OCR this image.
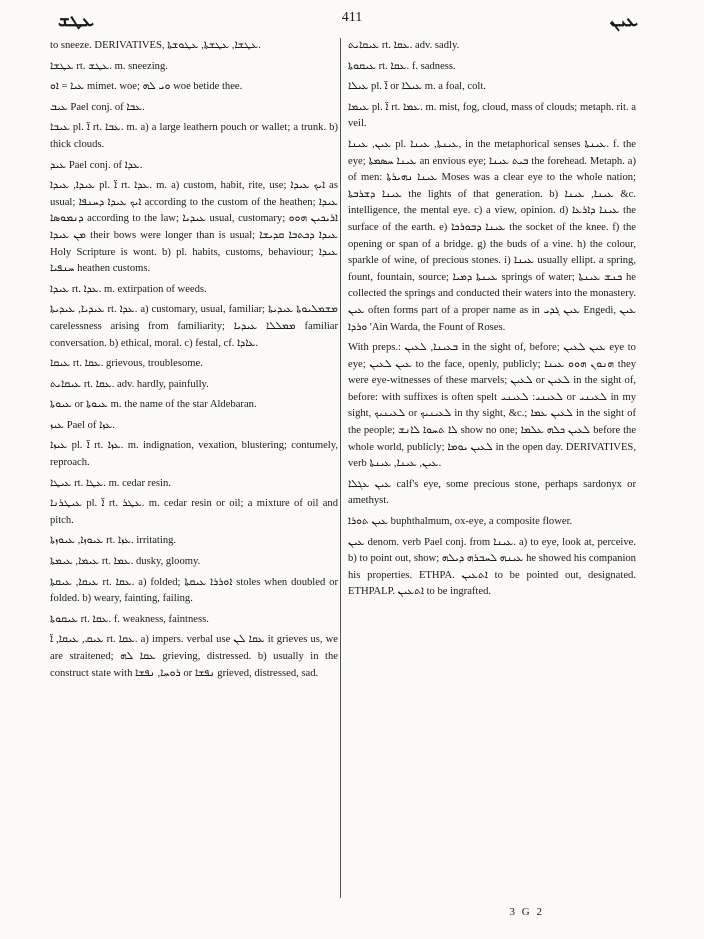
ܥܛܫ	411	ܥܝܢ

to sneeze. DERIVATIVES, ܥܛܫܐ, ܥܛܫܬܐ, ܥܛܘܫܬܐ.

ܥܛܫܐ rt. ܥܛܫ. m. sneezing.

ܥܝܐ = ܐܘ mimet. woe; ܘܝ ܠܗ woe betide thee.

ܥܝܒ Pael conj. of ܥܒܐ.

ܥܝܒܐ pl. ܐ̈ rt. ܥܒܐ. m. a) a large leathern pouch or wallet; a trunk. b) thick clouds.

ܥܝܕ Pael conj. of ܥܕܐ.

ܥܝܕܐ, ܥܝܕܐ pl. ܐ̈ rt. ܥܕܐ. m. a) custom, habit, rite, use; ܐܝܟ ܥܝܕܐ as usual; ܐܝܟ ܥܝܕܐ ܕܚܢܦܐ according to the custom of the heathen; ܥܝܕܐ ܕܢܡܘܣܐ according to the law; ܥܝܕܝܐ usual, customary; ܐܪܝܟܝܢ ܗܘܘ ܡܢ ܥܝܕܐ their bows were longer than is usual; ܥܝܕܐ ܕܟܬܒܐ ܩܕܝܫܐ Holy Scripture is wont. b) pl. habits, customs, behaviour; ܥܝܕܐ ܚܢܦܝܐ heathen customs.

ܥܝܕܐ rt. ܥܕܐ. m. extirpation of weeds.

ܥܝܕܝܐ, ܥܝܕܝܬܐ rt. ܥܕܐ. a) customary, usual, familiar; ܡܫܡܠܝܘܬܐ ܥܝܕܝܬܐ carelessness arising from familiarity; ܡܡܠܠܐ ܥܝܕܝܐ familiar conversation. b) ethical, moral. c) festal, cf. ܥܐܕܐ.

ܥܝܩܐ rt. ܥܩܐ. grievous, troublesome.

ܥܝܩܐܝܬ rt. ܥܩܐ. adv. hardly, painfully.

ܥܝܘܬܐ or ܥܝܘܬܐ m. the name of the star Aldebaran.

ܥܝܙ Pael of ܥܙܐ.

ܥܝܙܐ pl. ܐ̈ rt. ܥܙܐ. m. indignation, vexation, blustering; contumely, reproach.

ܥܝܛܐ rt. ܥܛܐ. m. cedar resin.

ܥܝܛܪܢܐ pl. ܐ̈ rt. ܥܛܪ. m. cedar resin or oil; a mixture of oil and pitch.

ܥܝܘܙܐ, ܥܝܘܙܬܐ rt. ܥܙܐ. irritating.

ܥܝܡܐ, ܥܝܡܬܐ rt. ܥܡܐ. dusky, gloomy.

ܥܝܩܐ, ܥܝܩܬܐ rt. ܥܩܐ. a) folded; ܐܘܪܪܐ ܥܝܩܬܐ stoles when doubled or folded. b) weary, fainting, failing.

ܥܝܩܘܬܐ rt. ܥܩܐ. f. weakness, faintness.

ܥܝܩ, ܥܝܩܐ, ܐ̈ rt. ܥܩܐ. a) impers. verbal use ܥܩܐ ܠܢ it grieves us, we are straitened; ܥܩܐ ܠܗ grieving, distressed. b) usually in the construct state with ܪܘܚܐ, ܢܦܫܐ or ܢܦܫܐ grieved, distressed, sad.

ܥܝܩܐܝܬ rt. ܥܩܐ. adv. sadly.

ܥܝܩܘܬܐ rt. ܥܩܐ. f. sadness.

ܥܝܠܐ pl. ܐ̈ or ܥܝܠܐ m. a foal, colt.

ܥܝܡܐ pl. ܐ̈ rt. ܥܡܐ. m. mist, fog, cloud, mass of clouds; metaph. rit. a veil.

ܥܝܢ, ܥܝܢܐ pl. ܥܝܢܬܐ, ܥܝܢܐ, in the metaphorical senses ܥܝܢܬܐ. f. the eye; ܥܝܢܐ ܚܣܡܬܐ an envious eye; ܒܝܬ ܥܝܢܐ the forehead. Metaph. a) of men: ܥܝܢܐ ܢܗܝܪܬܐ Moses was a clear eye to the whole nation; ܥܝܢܐ ܕܫܪܒܬܐ the lights of that generation. b) ܥܝܢܐ, ܥܝܢܐ &c. intelligence, the mental eye. c) a view, opinion. d) ܥܝܢܐ ܕܐܪܥܐ the surface of the earth. e) ܥܝܢܐ ܕܒܘܪܟܐ the socket of the knee. f) the opening or span of a bridge. g) the buds of a vine. h) the colour, sparkle of wine, of precious stones. i) ܥܝܢܐ usually ellipt. a spring, fount, fountain, source; ܥܝܢܬܐ ܕܡܝܐ springs of water; ܟܢܫ ܥܝܢܬܐ he collected the springs and conducted their waters into the monastery. ܥܝܢ often forms part of a proper name as in ܥܝܢ ܓܕܝ Engedi, ܥܝܢ ܘܪܕܐ 'Ain Warda, the Fount of Roses.

With preps.: ܒܥܝܢܐ, ܠܥܝܢ in the sight of, before; ܥܝܢ ܠܥܝܢ eye to eye; ܥܝܢ ܠܥܝܢ to the face, openly, publicly; ܗܢܘܢ ܗܘܘ ܥܝܢܐ they were eye-witnesses of these marvels; ܠܥܝܢ or ܠܥܝܢ in the sight of, before: with suffixes is often spelt ܠܥܝܢܝ: ܠܥܝܢܝ or ܠܥܝܢܝ in my sight, ܠܥܝܢܝܟ or ܠܥܝܢܝܟ in thy sight, &c.; ܠܥܝܢ ܥܡܐ in the sight of the people; ܠܐ ܬܚܘܐ ܠܐܢܫ show no one; ܠܥܝܢ ܟܠܗ ܥܠܡܐ before the whole world, publicly; ܠܥܝܢ ܝܘܡܐ in the open day. DERIVATIVES, verb ܥܝܢ, ܥܝܢܐ, ܥܝܢܬܐ.

ܥܝܢ ܥܓܠܐ calf's eye, some precious stone, perhaps sardonyx or amethyst.

ܥܝܢ ܬܘܪܐ buphthalmum, ox-eye, a composite flower.

ܥܝܢ denom. verb Pael conj. from ܥܝܢܐ. a) to eye, look at, perceive. b) to point out, show; ܥܝܢܗ ܠܚܒܪܗ ܕܝܠܗ he showed his companion his properties. ETHPA. ܐܬܥܝܢ to be pointed out, designated. ETHPALP. ܐܬܥܝܢ to be ingrafted.

3 G 2
